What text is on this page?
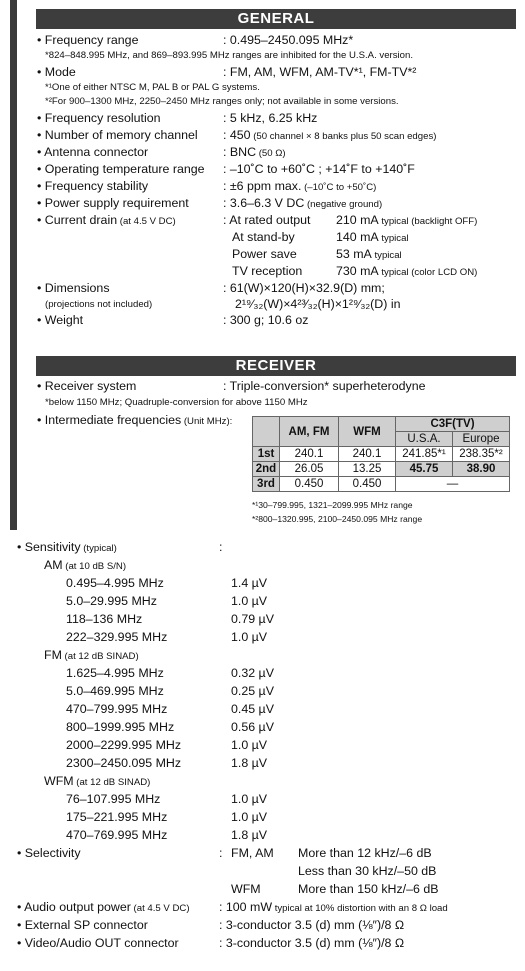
GENERAL
• Frequency range	: 0.495–2450.095 MHz*
*824–848.995 MHz, and 869–893.995 MHz ranges are inhibited for the U.S.A. version.
• Mode	: FM, AM, WFM, AM-TV*¹, FM-TV*²
*¹One of either NTSC M, PAL B or PAL G systems.
*²For 900–1300 MHz, 2250–2450 MHz ranges only; not available in some versions.
• Frequency resolution	: 5 kHz, 6.25 kHz
• Number of memory channel : 450 (50 channel × 8 banks plus 50 scan edges)
• Antenna connector	: BNC (50 Ω)
• Operating temperature range : –10˚C to +60˚C ; +14˚F to +140˚F
• Frequency stability	: ±6 ppm max. (–10˚C to +50˚C)
• Power supply requirement	: 3.6–6.3 V DC (negative ground)
• Current drain (at 4.5 V DC)	: At rated output 210 mA typical (backlight OFF)
At stand-by	140 mA typical
Power save	53 mA typical
TV reception	730 mA typical (color LCD ON)
• Dimensions	: 61(W)×120(H)×32.9(D) mm;
(projections not included)	2¹⁹⁄₃₂(W)×4²³⁄₃₂(H)×1²⁹⁄₃₂(D) in
• Weight	: 300 g; 10.6 oz
RECEIVER
• Receiver system	: Triple-conversion* superheterodyne
*below 1150 MHz; Quadruple-conversion for above 1150 MHz
• Intermediate frequencies (Unit MHz):
	AM, FM	WFM	C3F(TV)	
			U.S.A.	Europe
1st	240.1	240.1	241.85*¹	238.35*²
2nd	26.05	13.25	45.75	38.90
3rd	0.450	0.450	—	
*¹30–799.995, 1321–2099.995 MHz range
*²800–1320.995, 2100–2450.095 MHz range
• Sensitivity (typical)	:
AM (at 10 dB S/N)
0.495–4.995 MHz	1.4 µV
5.0–29.995 MHz	1.0 µV
118–136 MHz	0.79 µV
222–329.995 MHz	1.0 µV
FM (at 12 dB SINAD)
1.625–4.995 MHz	0.32 µV
5.0–469.995 MHz	0.25 µV
470–799.995 MHz	0.45 µV
800–1999.995 MHz	0.56 µV
2000–2299.995 MHz	1.0 µV
2300–2450.095 MHz	1.8 µV
WFM (at 12 dB SINAD)
76–107.995 MHz	1.0 µV
175–221.995 MHz	1.0 µV
470–769.995 MHz	1.8 µV
• Selectivity	: FM, AM More than 12 kHz/–6 dB
Less than 30 kHz/–50 dB
WFM	More than 150 kHz/–6 dB
• Audio output power (at 4.5 V DC) : 100 mW typical at 10% distortion with an 8 Ω load
• External SP connector	: 3-conductor 3.5 (d) mm (⅛″)/8 Ω
• Video/Audio OUT connector	: 3-conductor 3.5 (d) mm (⅛″)/8 Ω
